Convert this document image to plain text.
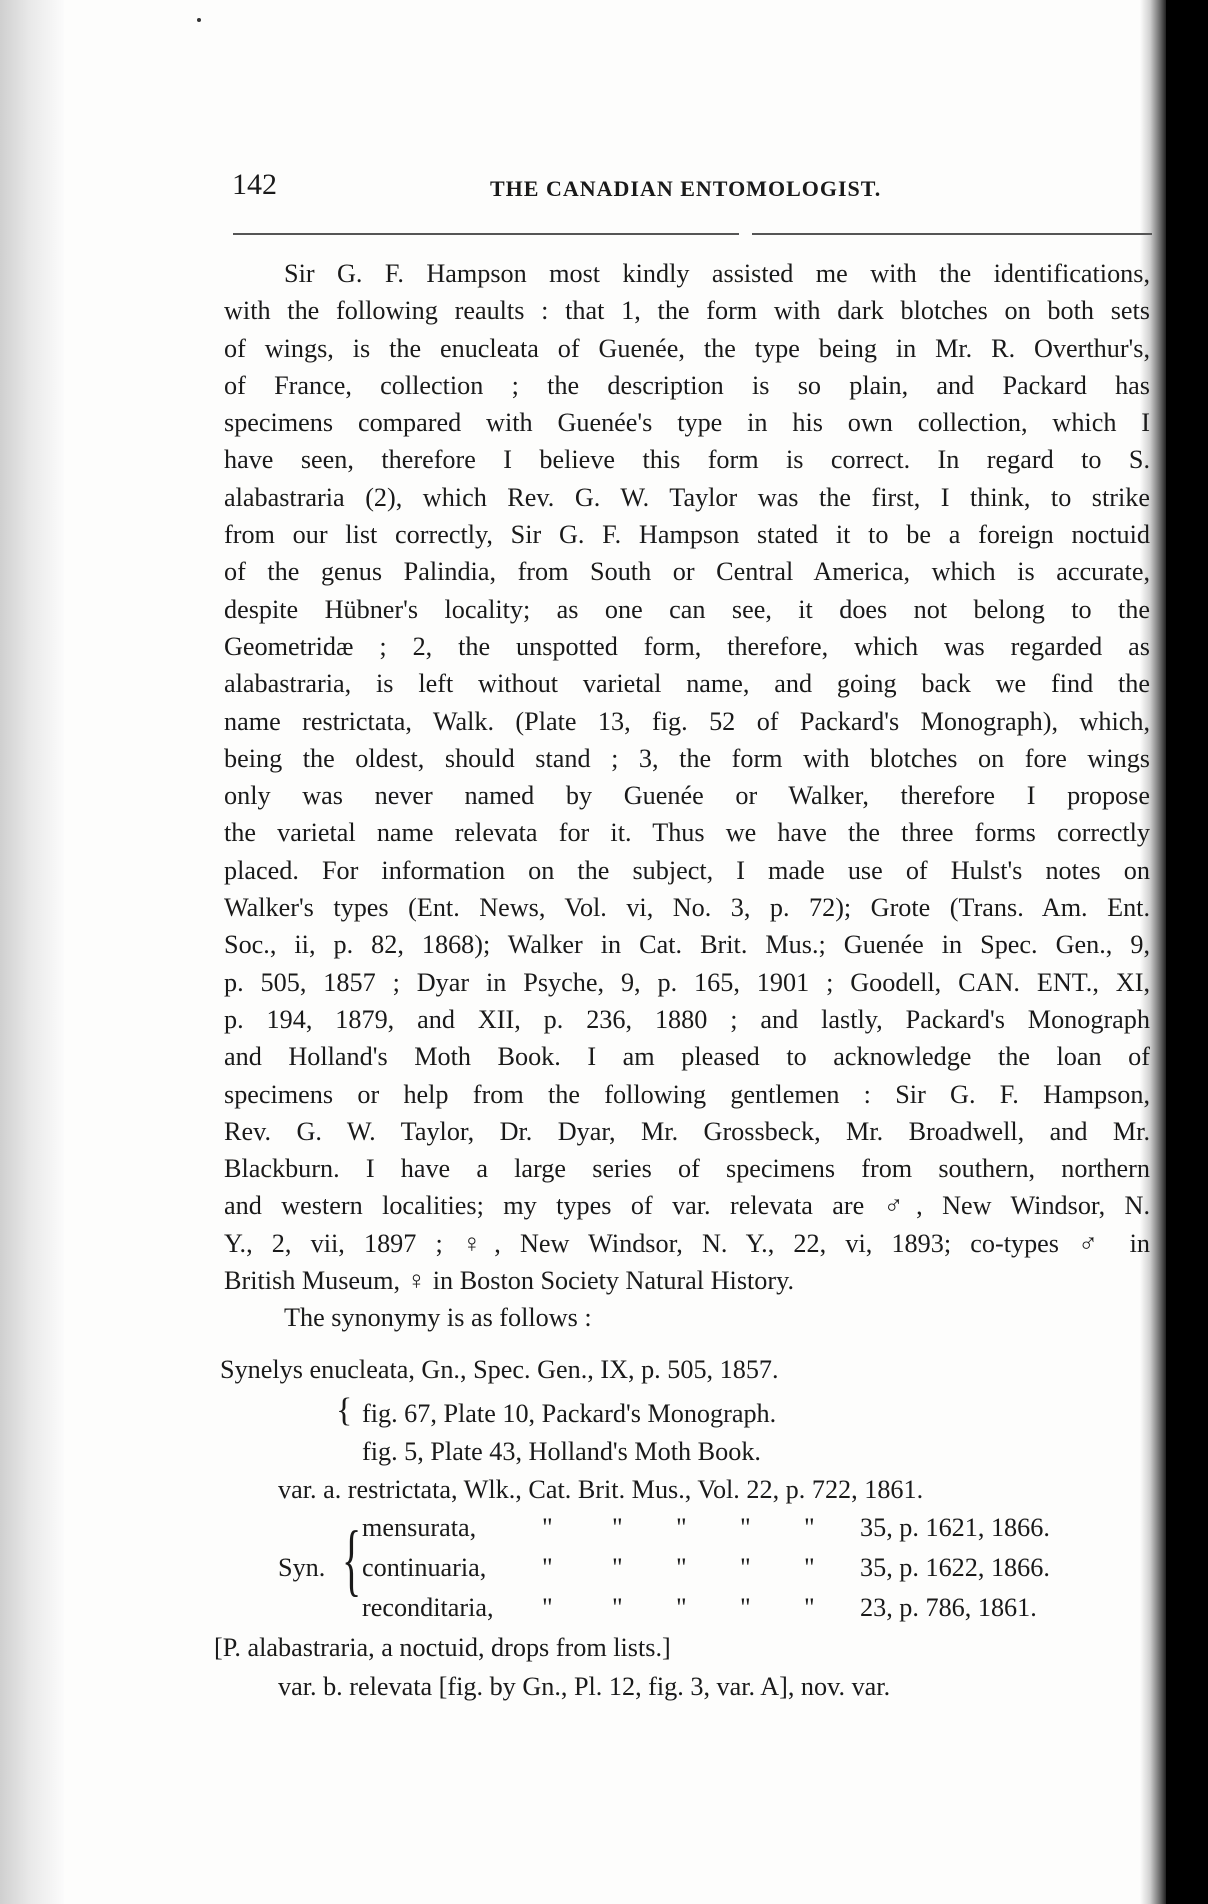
142	THE CANADIAN ENTOMOLOGIST.
Sir G. F. Hampson most kindly assisted me with the identifications,
with the following reaults : that 1, the form with dark blotches on both sets
of wings, is the enucleata of Guenée, the type being in Mr. R. Overthur's,
of France, collection ; the description is so plain, and Packard has
specimens compared with Guenée's type in his own collection, which I
have seen, therefore I believe this form is correct. In regard to S.
alabastraria (2), which Rev. G. W. Taylor was the first, I think, to strike
from our list correctly, Sir G. F. Hampson stated it to be a foreign noctuid
of the genus Palindia, from South or Central America, which is accurate,
despite Hübner's locality; as one can see, it does not belong to the
Geometridæ ; 2, the unspotted form, therefore, which was regarded as
alabastraria, is left without varietal name, and going back we find the
name restrictata, Walk. (Plate 13, fig. 52 of Packard's Monograph), which,
being the oldest, should stand ; 3, the form with blotches on fore wings
only was never named by Guenée or Walker, therefore I propose
the varietal name relevata for it. Thus we have the three forms correctly
placed. For information on the subject, I made use of Hulst's notes on
Walker's types (Ent. News, Vol. vi, No. 3, p. 72); Grote (Trans. Am. Ent.
Soc., ii, p. 82, 1868); Walker in Cat. Brit. Mus.; Guenée in Spec. Gen., 9,
p. 505, 1857 ; Dyar in Psyche, 9, p. 165, 1901 ; Goodell, CAN. ENT., XI,
p. 194, 1879, and XII, p. 236, 1880 ; and lastly, Packard's Monograph
and Holland's Moth Book. I am pleased to acknowledge the loan of
specimens or help from the following gentlemen : Sir G. F. Hampson,
Rev. G. W. Taylor, Dr. Dyar, Mr. Grossbeck, Mr. Broadwell, and Mr.
Blackburn. I have a large series of specimens from southern, northern
and western localities; my types of var. relevata are ♂, New Windsor, N.
Y., 2, vii, 1897 ; ♀, New Windsor, N. Y., 22, vi, 1893; co-types ♂ in
British Museum, ♀ in Boston Society Natural History.
The synonymy is as follows :
Synelys enucleata, Gn., Spec. Gen., IX, p. 505, 1857.
{ fig. 67, Plate 10, Packard's Monograph.
fig. 5, Plate 43, Holland's Moth Book.
var. a. restrictata, Wlk., Cat. Brit. Mus., Vol. 22, p. 722, 1861.
Syn. { mensurata,	" " " " " 35, p. 1621, 1866.
continuaria, " " " " " 35, p. 1622, 1866.
reconditaria, " " " " " 23, p. 786, 1861.
[P. alabastraria, a noctuid, drops from lists.]
var. b. relevata [fig. by Gn., Pl. 12, fig. 3, var. A], nov. var.
